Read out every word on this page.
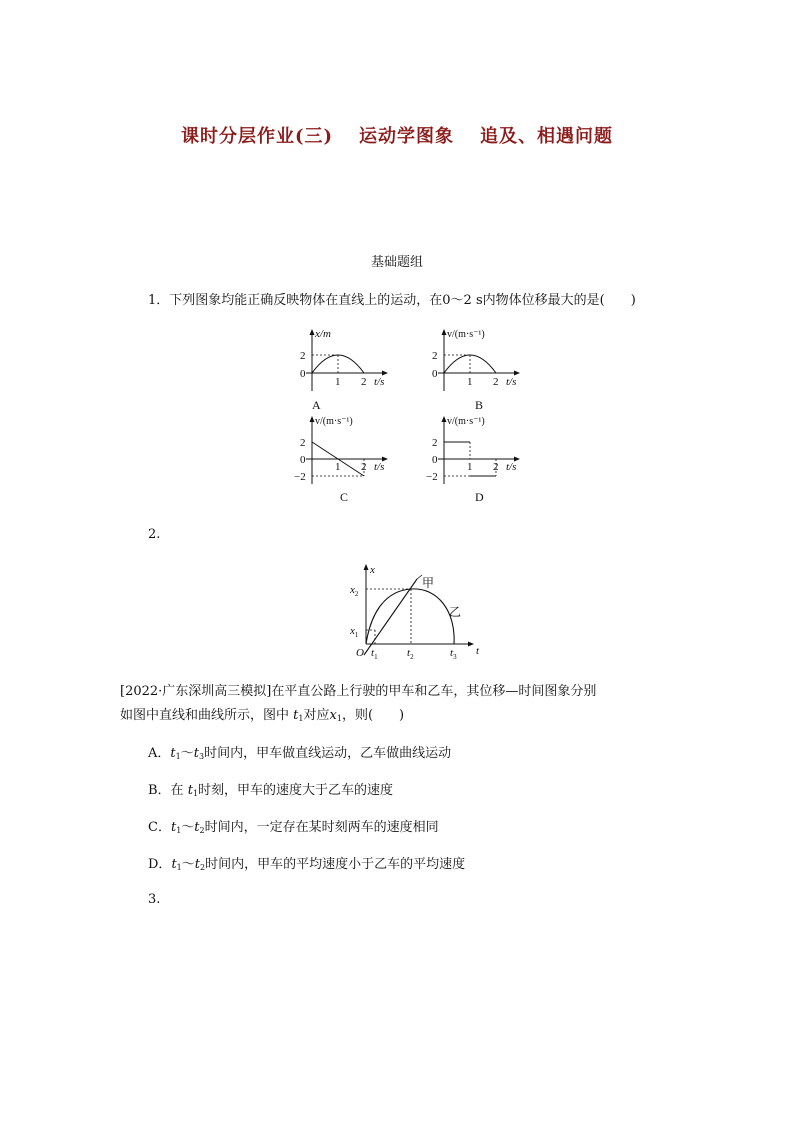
课时分层作业(三) 运动学图象 追及、相遇问题
基础题组
1．下列图象均能正确反映物体在直线上的运动，在0～2 s内物体位移最大的是(　　)
x/m
2
0
1 2 t/s
A
v/(m·s⁻¹)
2
0
1 2 t/s
B
v/(m·s⁻¹)
2
0
−2
1 2 t/s
C
v/(m·s⁻¹)
2
0
−2
1 2 t/s
D
2.
x
t
O
$x_2$
$x_1$
$t_1$	$t_2$	$t_3$
甲
乙
[2022·广东深圳高三模拟]在平直公路上行驶的甲车和乙车，其位移—时间图象分别
如图中直线和曲线所示，图中 $t_1$对应$x_1$，则(　　)
A．$t_1\sim t_3$时间内，甲车做直线运动，乙车做曲线运动
B．在 $t_1$时刻，甲车的速度大于乙车的速度
C．$t_1\sim t_2$时间内，一定存在某时刻两车的速度相同
D．$t_1\sim t_2$时间内，甲车的平均速度小于乙车的平均速度
3.
